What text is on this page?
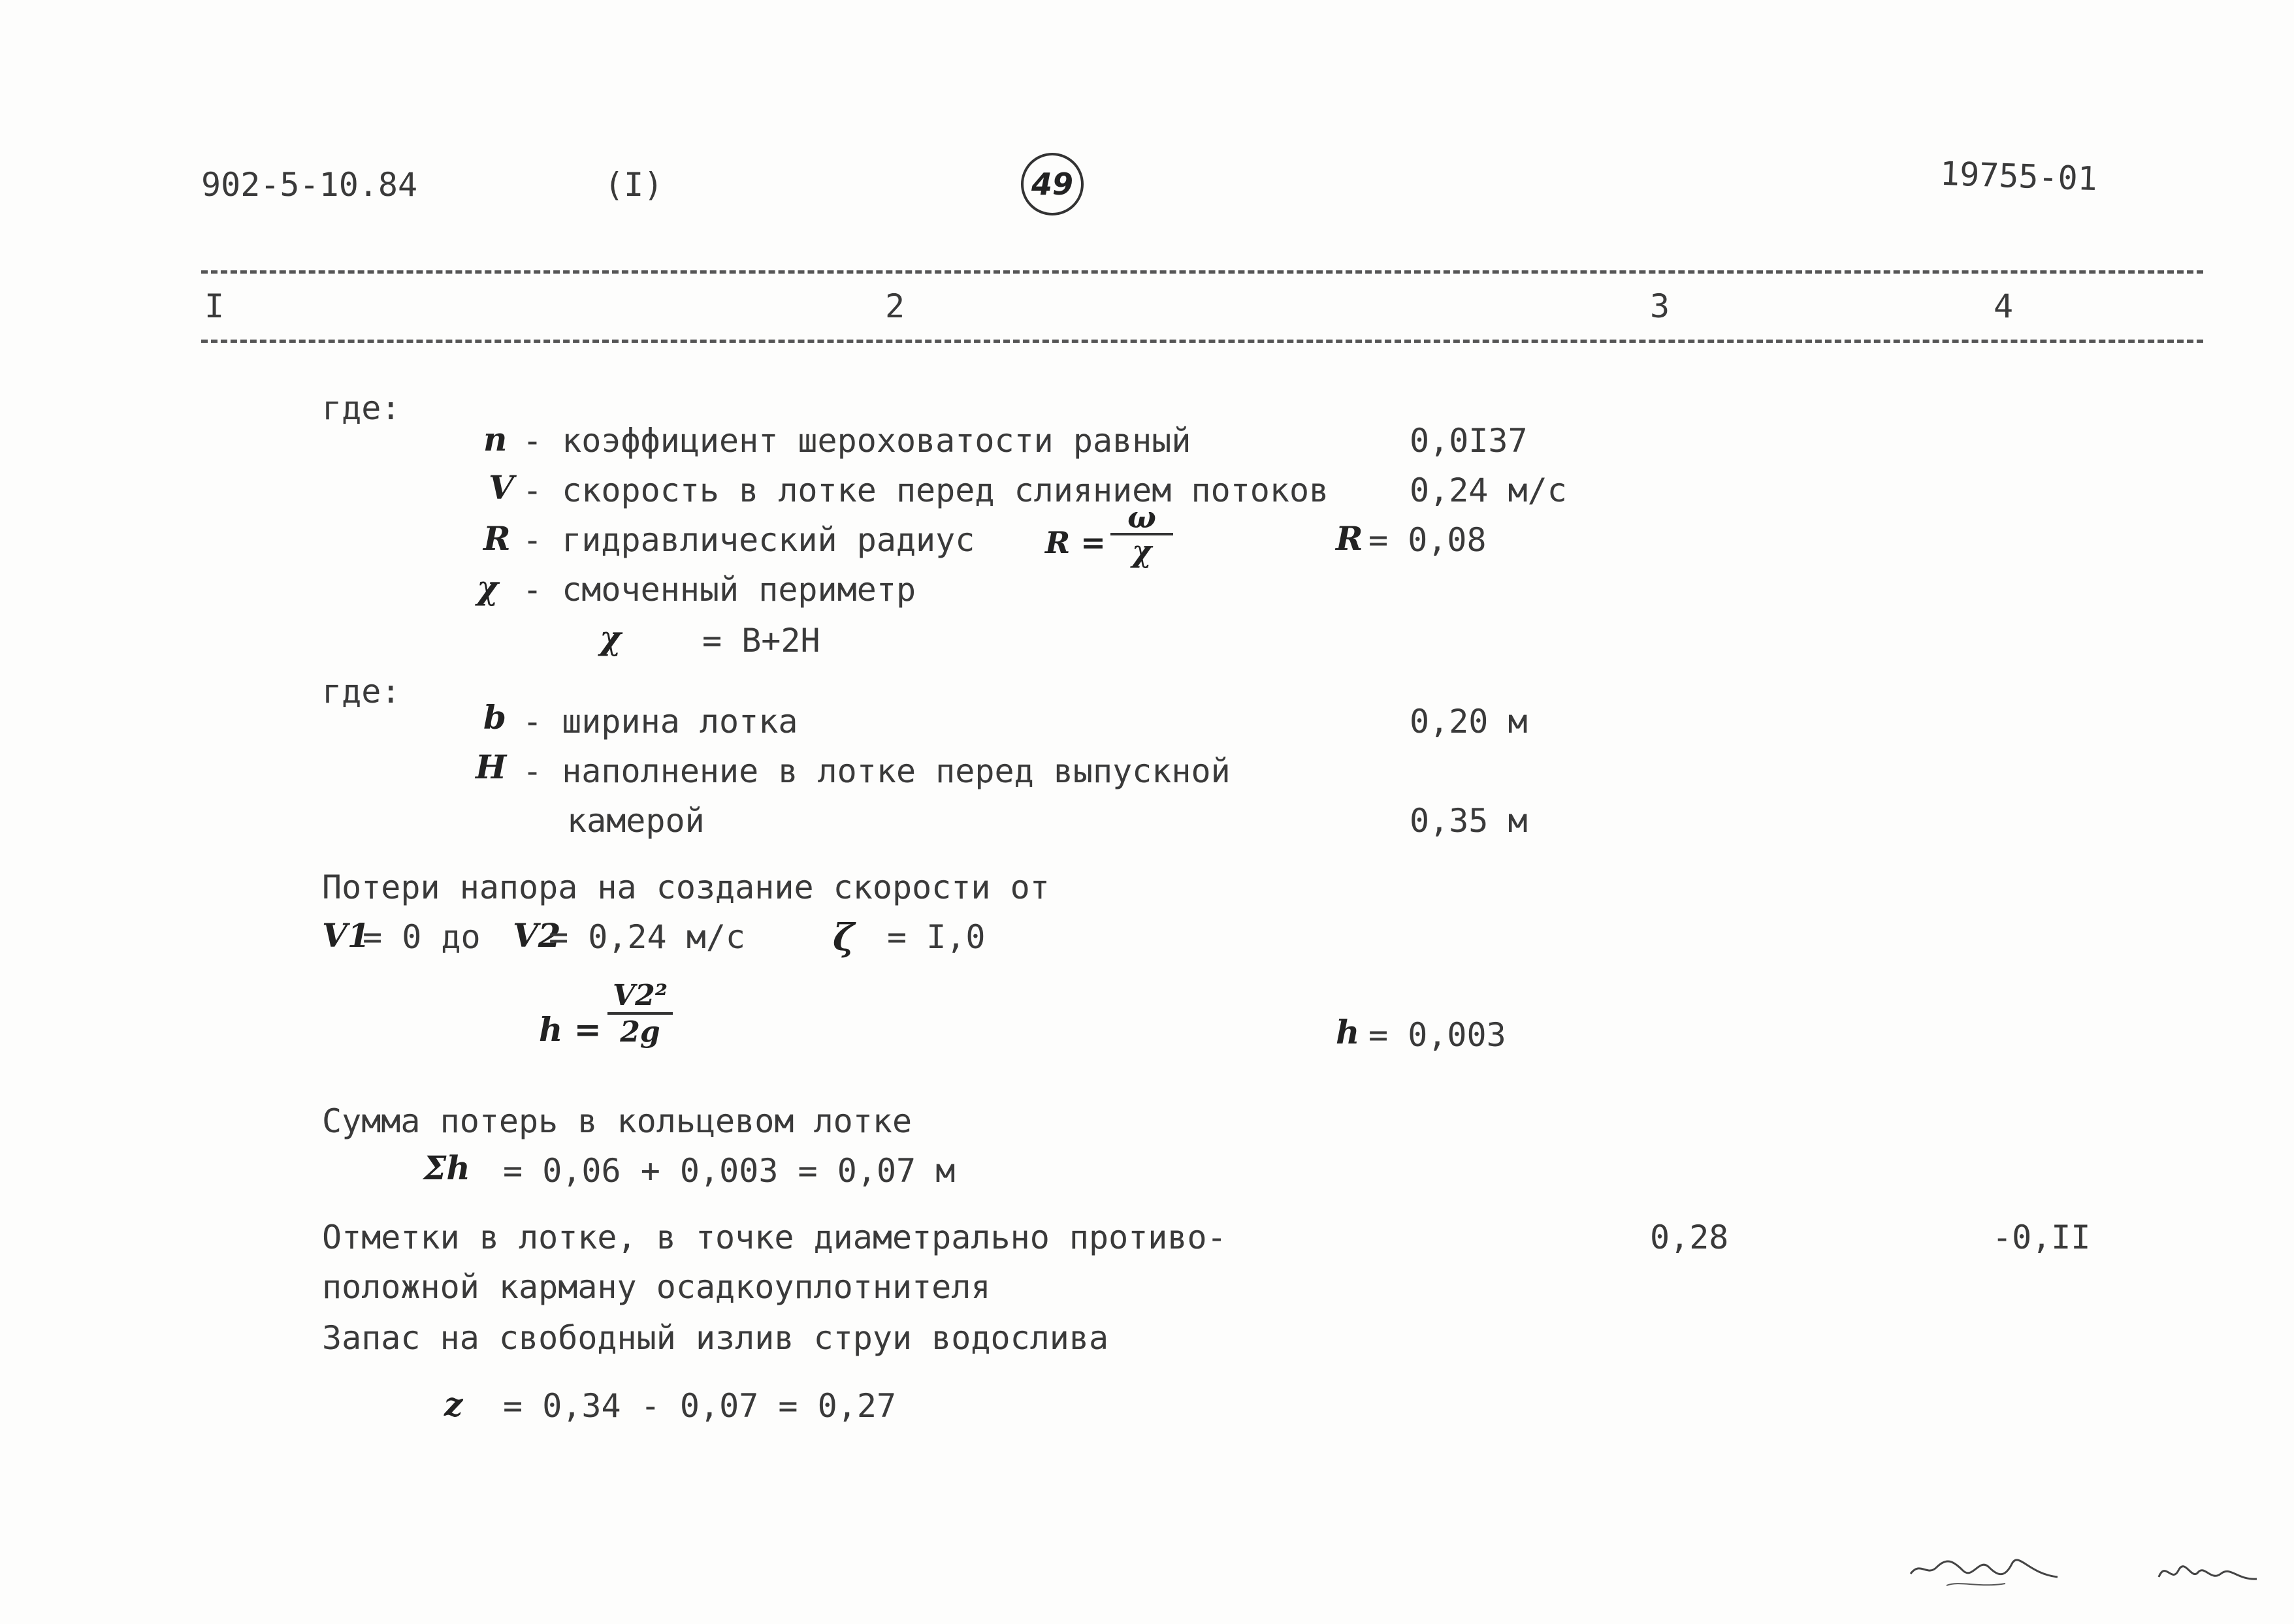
902-5-10.84	(I)	49	19755-01
I	2	3	4
где:
n - коэффициент шероховатости равный	0,0I37
V - скорость в лотке перед слиянием потоков 0,24 м/с
R - гидравлический радиус R =
ω
χ	R = 0,08
χ - смоченный периметр
χ = B+2H
где:
b - ширина лотка	0,20 м
H - наполнение в лотке перед выпускной
камерой	0,35 м
Потери напора на создание скорости от
V1
= 0 до V2
= 0,24 м/с ζ = I,0
h =
V2²
2g	h = 0,003
Сумма потерь в кольцевом лотке
Σh = 0,06 + 0,003 = 0,07 м
Отметки в лотке, в точке диаметрально противо-	0,28	-0,II
положной карману осадкоуплотнителя
Запас на свободный излив струи водослива
z = 0,34 - 0,07 = 0,27
